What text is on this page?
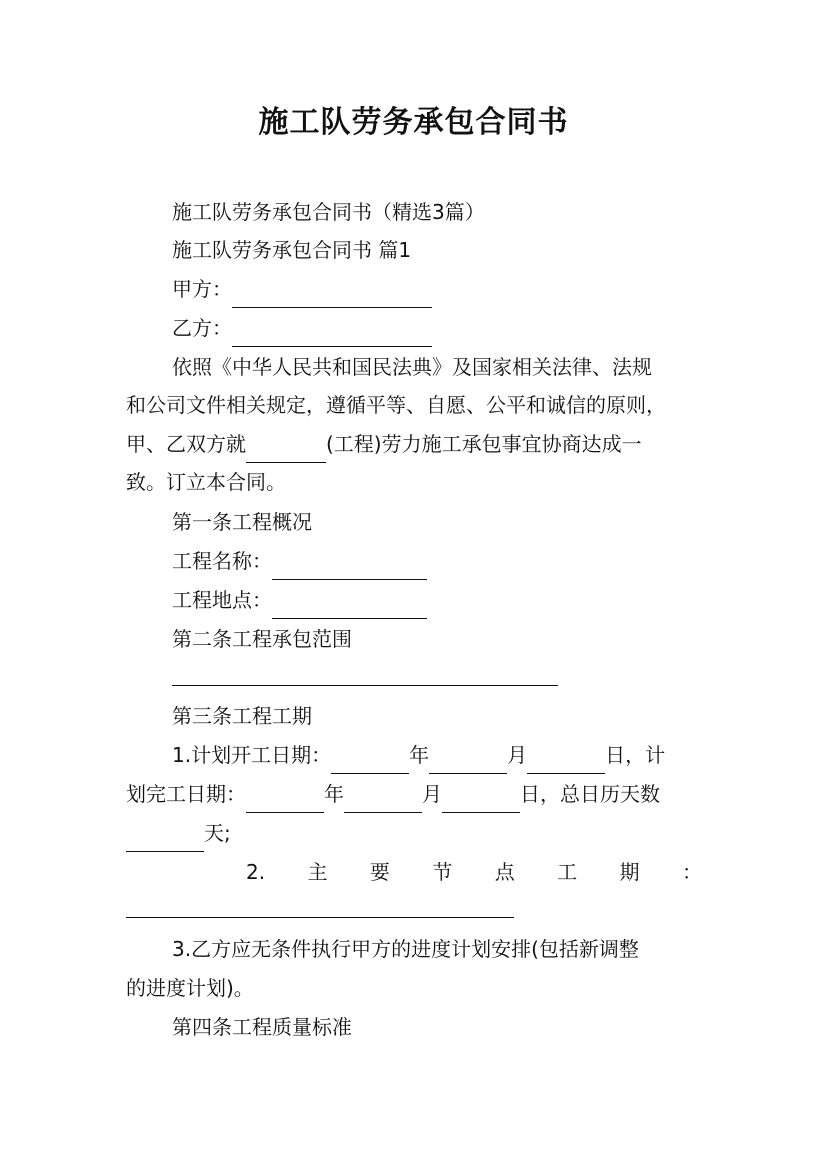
施工队劳务承包合同书
施工队劳务承包合同书（精选3篇）
施工队劳务承包合同书 篇1
甲方：
乙方：
依照《中华人民共和国民法典》及国家相关法律、法规
和公司文件相关规定，遵循平等、自愿、公平和诚信的原则，
甲、乙双方就	(工程)劳力施工承包事宜协商达成一
致。订立本合同。
第一条工程概况
工程名称：
工程地点：
第二条工程承包范围
第三条工程工期
1.计划开工日期：	年	月	日，计
划完工日期：	年	月	日，总日历天数
天;
2. 主 要 节 点 工 期 ：
3.乙方应无条件执行甲方的进度计划安排(包括新调整
的进度计划)。
第四条工程质量标准
